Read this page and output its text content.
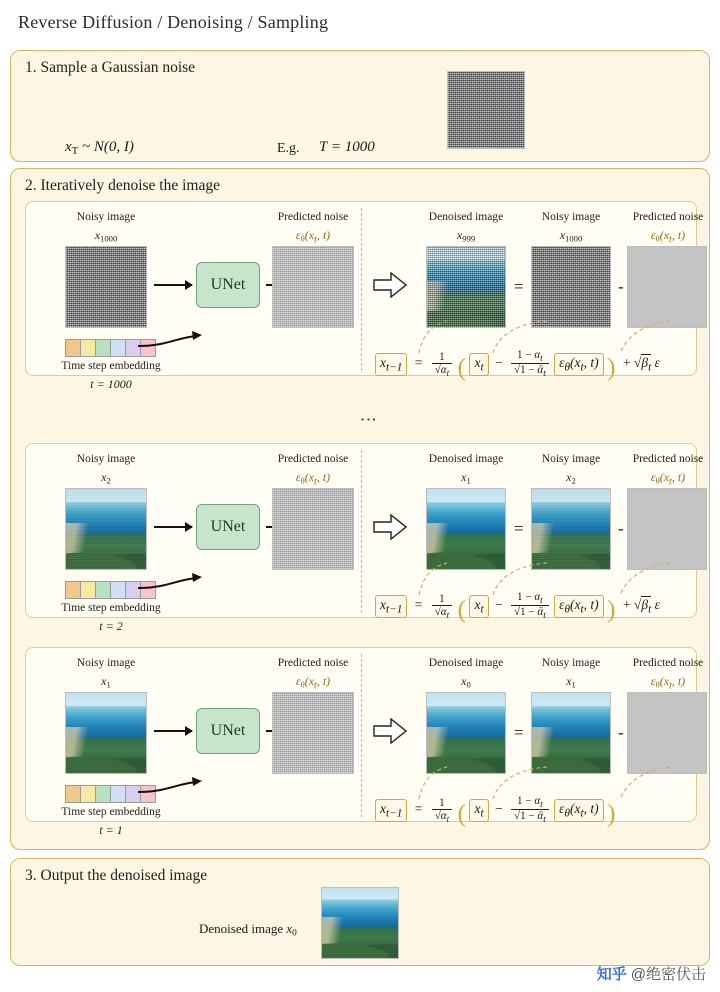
Reverse Diffusion / Denoising / Sampling
1. Sample a Gaussian noise
$x_T$ ~ N(0, I)	E.g. T = 1000
2. Iteratively denoise the image
⋮
Noisy image
$x_{1000}$
Time step embedding
t = 1000
UNet
Predicted noise
$\varepsilon_\theta(x_t$, t)
Denoised image
$x_{999}$
=
Noisy image
$x_{1000}$
-
Predicted noise
$\varepsilon_\theta(x_t$, t)
$x_{t-1} = \frac{1}{√\alpha_t}$ ( $x_t - \frac{1 - \alpha_t}{√1 - \alphā_t} \varepsilon_\theta(x_t$, t) ) + $√\beta_t$ ε
Noisy image
$x_2$
Time step embedding
t = 2
UNet
Predicted noise
$\varepsilon_\theta(x_t$, t)
Denoised image
$x_1$
=
Noisy image
$x_2$
-
Predicted noise
$\varepsilon_\theta(x_t$, t)
$x_{t-1} = \frac{1}{√\alpha_t}$ ( $x_t - \frac{1 - \alpha_t}{√1 - \alphā_t} \varepsilon_\theta(x_t$, t) ) + $√\beta_t$ ε
Noisy image
$x_1$
Time step embedding
t = 1
UNet
Predicted noise
$\varepsilon_\theta(x_t$, t)
Denoised image
$x_0$
=
Noisy image
$x_1$
-
Predicted noise
$\varepsilon_\theta(x_t$, t)
$x_{t-1} = \frac{1}{√\alpha_t}$ ( $x_t - \frac{1 - \alpha_t}{√1 - \alphā_t} \varepsilon_\theta(x_t$, t) )
3. Output the denoised image
Denoised image $x_0$
知乎 @绝密伏击
